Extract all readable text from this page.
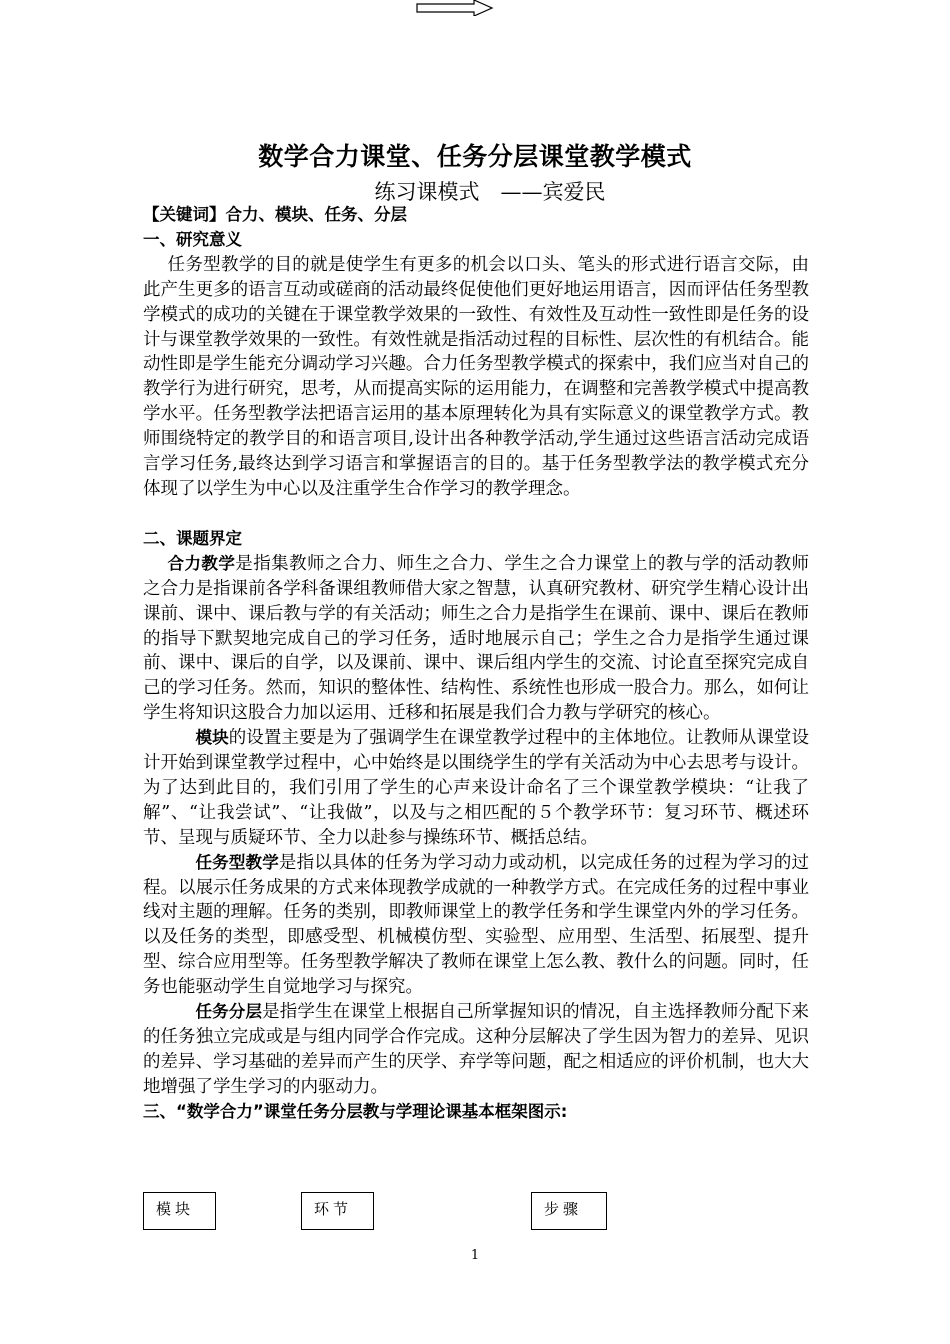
数学合力课堂、任务分层课堂教学模式
练习课模式　——宾爱民

【关键词】合力、模块、任务、分层

一、研究意义

任务型教学的目的就是使学生有更多的机会以口头、笔头的形式进行语言交际，由此产生更多的语言互动或磋商的活动最终促使他们更好地运用语言，因而评估任务型教学模式的成功的关键在于课堂教学效果的一致性、有效性及互动性一致性即是任务的设计与课堂教学效果的一致性。有效性就是指活动过程的目标性、层次性的有机结合。能动性即是学生能充分调动学习兴趣。合力任务型教学模式的探索中，我们应当对自己的教学行为进行研究，思考，从而提高实际的运用能力，在调整和完善教学模式中提高教学水平。任务型教学法把语言运用的基本原理转化为具有实际意义的课堂教学方式。教师围绕特定的教学目的和语言项目,设计出各种教学活动,学生通过这些语言活动完成语言学习任务,最终达到学习语言和掌握语言的目的。基于任务型教学法的教学模式充分体现了以学生为中心以及注重学生合作学习的教学理念。

二、课题界定

合力教学是指集教师之合力、师生之合力、学生之合力课堂上的教与学的活动教师之合力是指课前各学科备课组教师借大家之智慧，认真研究教材、研究学生精心设计出课前、课中、课后教与学的有关活动；师生之合力是指学生在课前、课中、课后在教师的指导下默契地完成自己的学习任务，适时地展示自己；学生之合力是指学生通过课前、课中、课后的自学，以及课前、课中、课后组内学生的交流、讨论直至探究完成自己的学习任务。然而，知识的整体性、结构性、系统性也形成一股合力。那么，如何让学生将知识这股合力加以运用、迁移和拓展是我们合力教与学研究的核心。

模块的设置主要是为了强调学生在课堂教学过程中的主体地位。让教师从课堂设计开始到课堂教学过程中，心中始终是以围绕学生的学有关活动为中心去思考与设计。为了达到此目的，我们引用了学生的心声来设计命名了三个课堂教学模块：“让我了解”、“让我尝试”、“让我做”，以及与之相匹配的５个教学环节：复习环节、概述环节、呈现与质疑环节、全力以赴参与操练环节、概括总结。

任务型教学是指以具体的任务为学习动力或动机，以完成任务的过程为学习的过程。以展示任务成果的方式来体现教学成就的一种教学方式。在完成任务的过程中事业线对主题的理解。任务的类别，即教师课堂上的教学任务和学生课堂内外的学习任务。以及任务的类型，即感受型、机械模仿型、实验型、应用型、生活型、拓展型、提升型、综合应用型等。任务型教学解决了教师在课堂上怎么教、教什么的问题。同时，任务也能驱动学生自觉地学习与探究。

任务分层是指学生在课堂上根据自己所掌握知识的情况，自主选择教师分配下来的任务独立完成或是与组内同学合作完成。这种分层解决了学生因为智力的差异、见识的差异、学习基础的差异而产生的厌学、弃学等问题，配之相适应的评价机制，也大大地增强了学生学习的内驱动力。

三、“数学合力”课堂任务分层教与学理论课基本框架图示:

模块	环节	步骤
1
